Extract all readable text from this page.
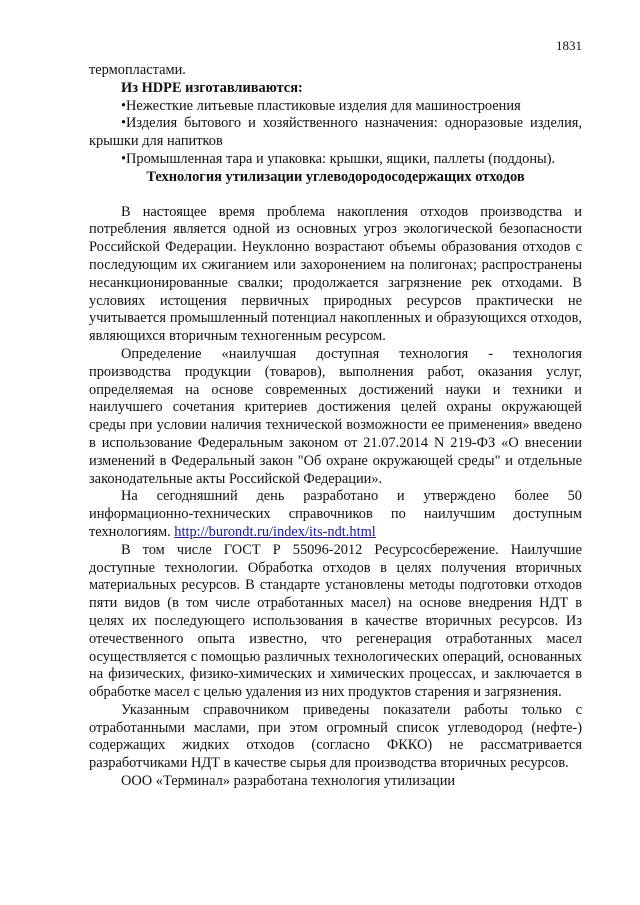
1831

термопластами.

Из HDPE изготавливаются:

•Нежесткие литьевые пластиковые изделия для машиностроения

•Изделия бытового и хозяйственного назначения: одноразовые изделия, крышки для напитков

•Промышленная тара и упаковка: крышки, ящики, паллеты (поддоны).

Технология утилизации углеводородосодержащих отходов

В настоящее время проблема накопления отходов производства и потребления является одной из основных угроз экологической безопасности Российской Федерации. Неуклонно возрастают объемы образования отходов с последующим их сжиганием или захоронением на полигонах; распространены несанкционированные свалки; продолжается загрязнение рек отходами. В условиях истощения первичных природных ресурсов практически не учитывается промышленный потенциал накопленных и образующихся отходов, являющихся вторичным техногенным ресурсом.

Определение «наилучшая доступная технология - технология производства продукции (товаров), выполнения работ, оказания услуг, определяемая на основе современных достижений науки и техники и наилучшего сочетания критериев достижения целей охраны окружающей среды при условии наличия технической возможности ее применения» введено в использование Федеральным законом от 21.07.2014 N 219-ФЗ «О внесении изменений в Федеральный закон "Об охране окружающей среды" и отдельные законодательные акты Российской Федерации».

На сегодняшний день разработано и утверждено более 50 информационно-технических справочников по наилучшим доступным технологиям. http://burondt.ru/index/its-ndt.html

В том числе ГОСТ Р 55096-2012 Ресурсосбережение. Наилучшие доступные технологии. Обработка отходов в целях получения вторичных материальных ресурсов. В стандарте установлены методы подготовки отходов пяти видов (в том числе отработанных масел) на основе внедрения НДТ в целях их последующего использования в качестве вторичных ресурсов. Из отечественного опыта известно, что регенерация отработанных масел осуществляется с помощью различных технологических операций, основанных на физических, физико-химических и химических процессах, и заключается в обработке масел с целью удаления из них продуктов старения и загрязнения.

Указанным справочником приведены показатели работы только с отработанными маслами, при этом огромный список углеводород (нефте-) содержащих жидких отходов (согласно ФККО) не рассматривается разработчиками НДТ в качестве сырья для производства вторичных ресурсов.

ООО «Терминал» разработана технология утилизации
